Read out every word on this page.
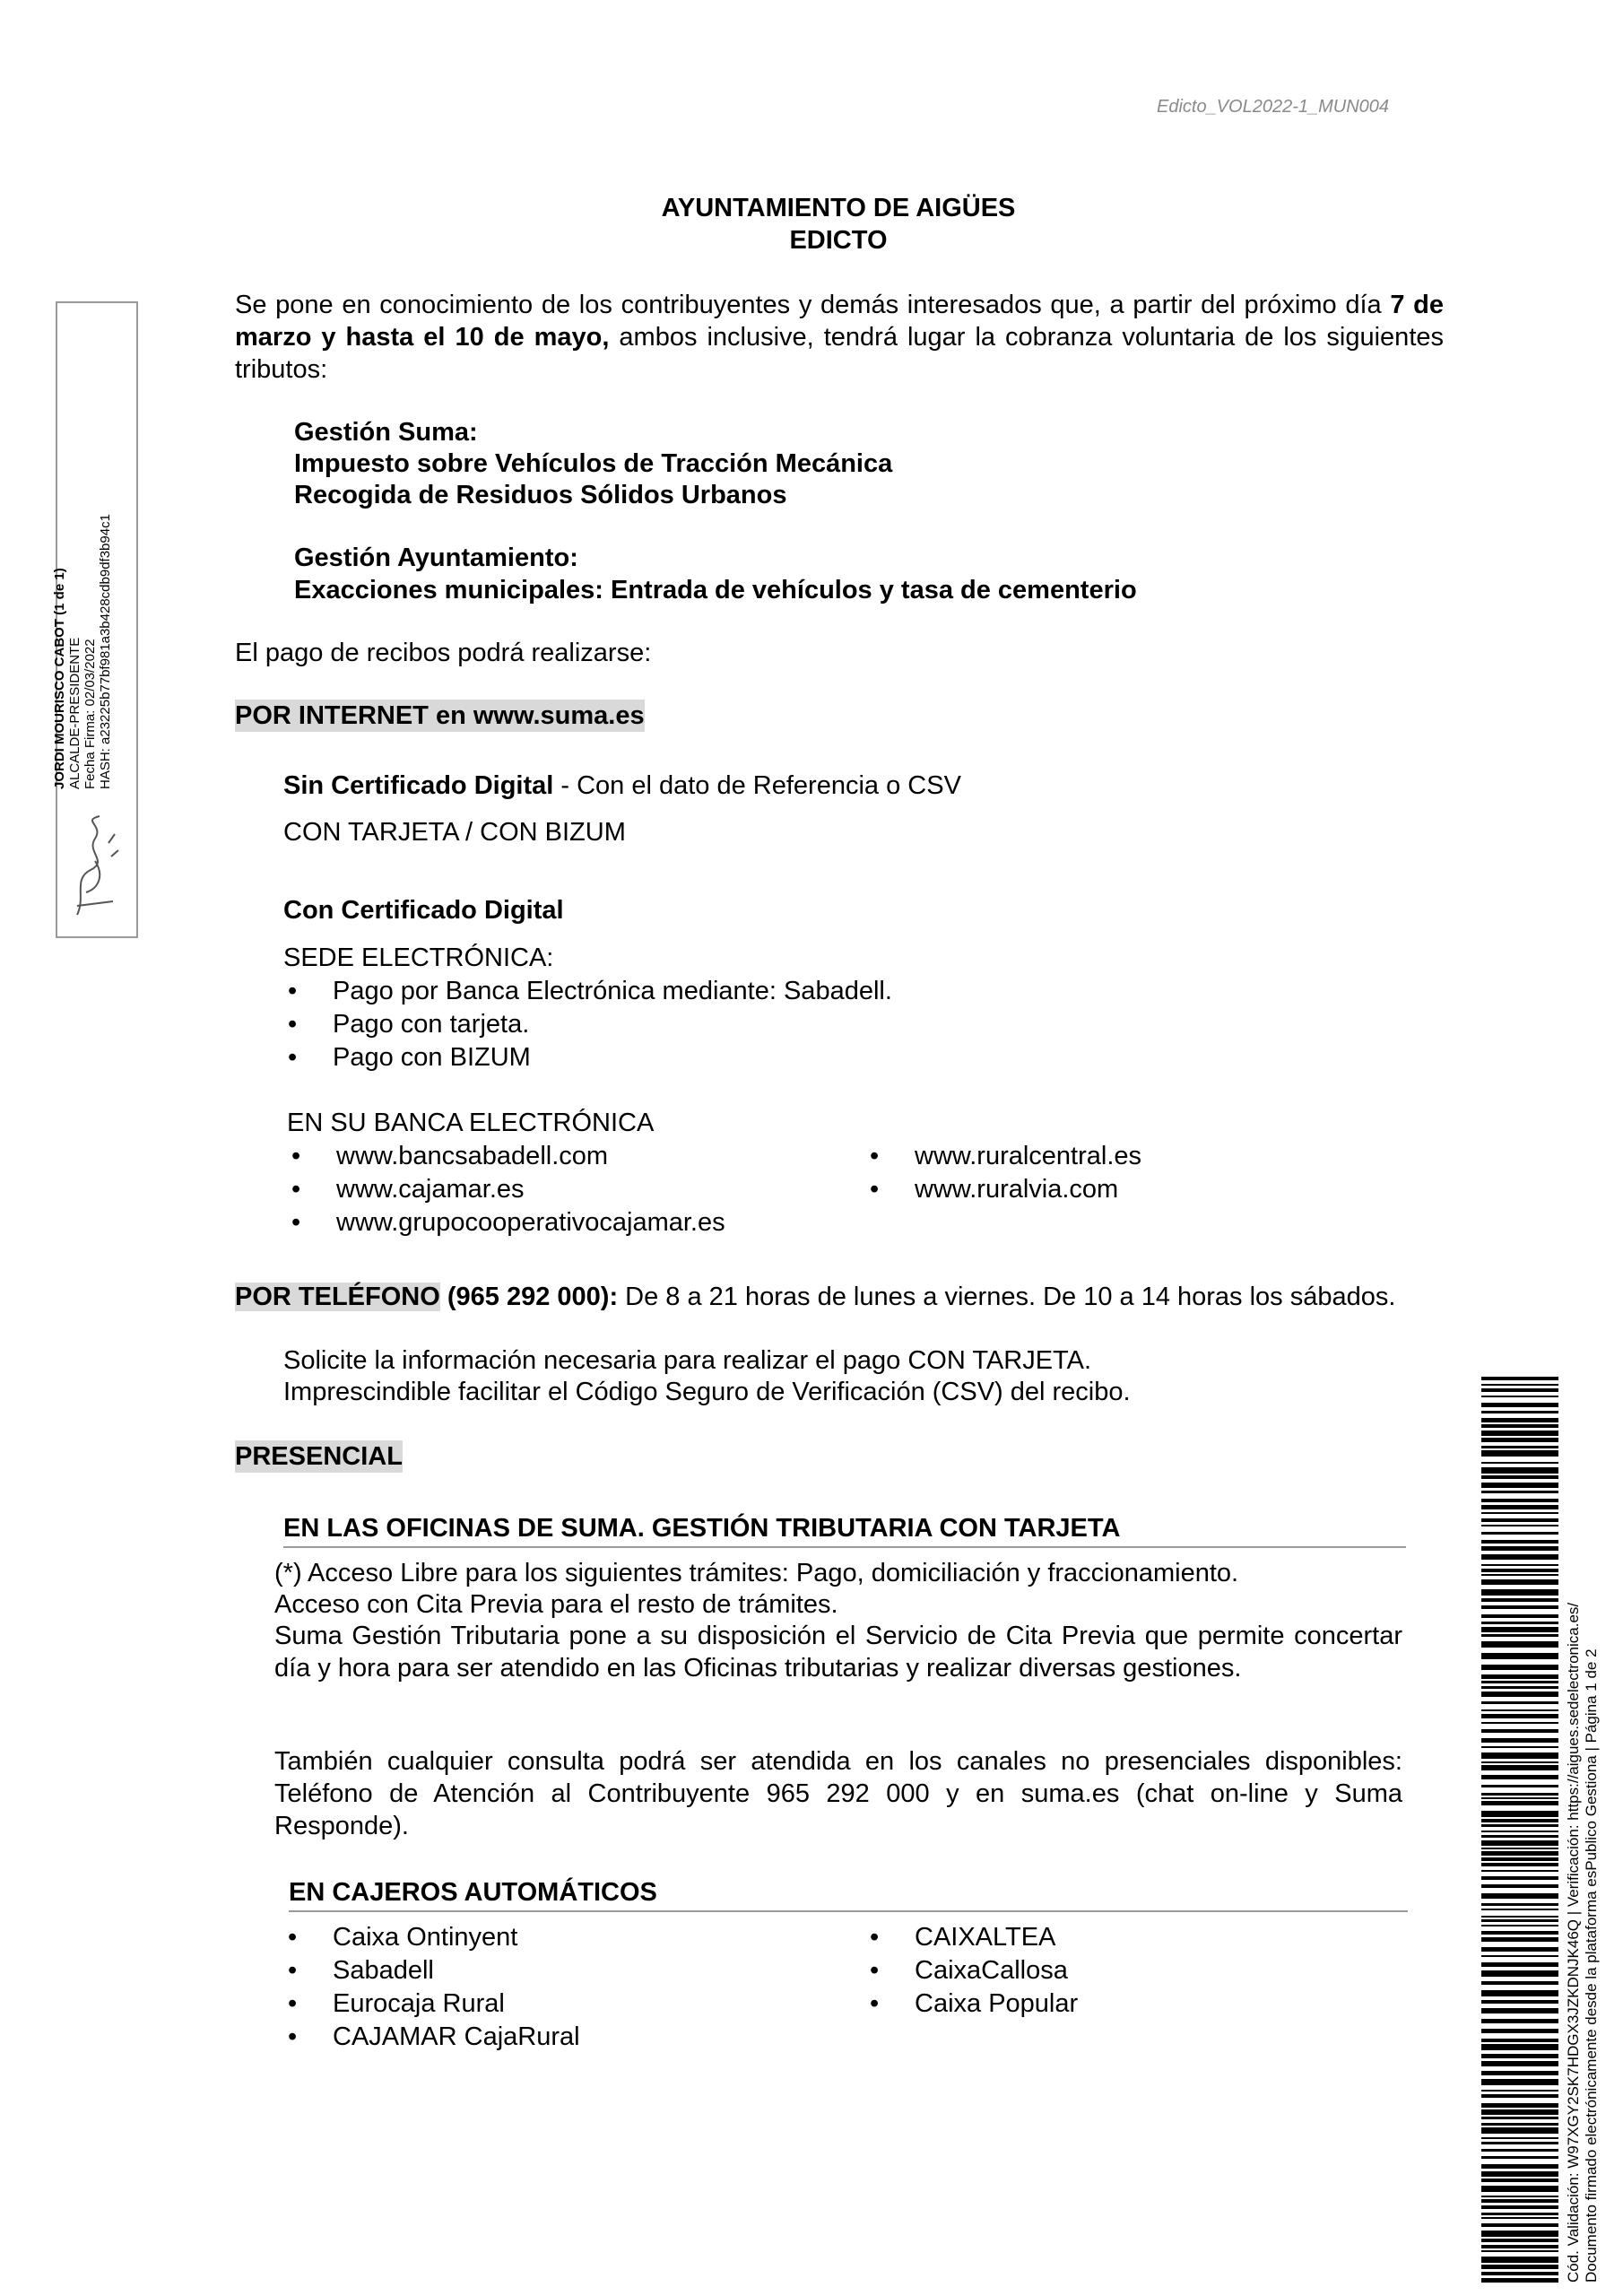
Edicto_VOL2022-1_MUN004
AYUNTAMIENTO DE AIGÜES
EDICTO

Se pone en conocimiento de los contribuyentes y demás interesados que, a partir del próximo día 7 de marzo y hasta el 10 de mayo, ambos inclusive, tendrá lugar la cobranza voluntaria de los siguientes tributos:

Gestión Suma:
Impuesto sobre Vehículos de Tracción Mecánica
Recogida de Residuos Sólidos Urbanos
Gestión Ayuntamiento:
Exacciones municipales: Entrada de vehículos y tasa de cementerio
El pago de recibos podrá realizarse:
POR INTERNET en www.suma.es
Sin Certificado Digital - Con el dato de Referencia o CSV
CON TARJETA / CON BIZUM
Con Certificado Digital
SEDE ELECTRÓNICA:
• Pago por Banca Electrónica mediante: Sabadell.
• Pago con tarjeta.
• Pago con BIZUM
EN SU BANCA ELECTRÓNICA
• www.bancsabadell.com
• www.cajamar.es
• www.grupocooperativocajamar.es
• www.ruralcentral.es
• www.ruralvia.com

POR TELÉFONO (965 292 000): De 8 a 21 horas de lunes a viernes. De 10 a 14 horas los sábados.

Solicite la información necesaria para realizar el pago CON TARJETA.
Imprescindible facilitar el Código Seguro de Verificación (CSV) del recibo.
PRESENCIAL
EN LAS OFICINAS DE SUMA. GESTIÓN TRIBUTARIA CON TARJETA
(*) Acceso Libre para los siguientes trámites: Pago, domiciliación y fraccionamiento.
Acceso con Cita Previa para el resto de trámites.

Suma Gestión Tributaria pone a su disposición el Servicio de Cita Previa que permite concertar día y hora para ser atendido en las Oficinas tributarias y realizar diversas gestiones.

También cualquier consulta podrá ser atendida en los canales no presenciales disponibles: Teléfono de Atención al Contribuyente 965 292 000 y en suma.es (chat on-line y Suma Responde).

EN CAJEROS AUTOMÁTICOS
• Caixa Ontinyent
• Sabadell
• Eurocaja Rural
• CAJAMAR CajaRural
• CAIXALTEA
• CaixaCallosa
• Caixa Popular
JORDI MOURISCO CABOT (1 de 1) ALCALDE-PRESIDENTE Fecha Firma: 02/03/2022 HASH: a23225b77bf981a3b428cdb9df3b94c1
Cód. Validación: W97XGY2SK7HDGX3JZKDNJK46Q | Verificación: https://aigues.sedelectronica.es/ Documento firmado electrónicamente desde la plataforma esPublico Gestiona | Página 1 de 2
